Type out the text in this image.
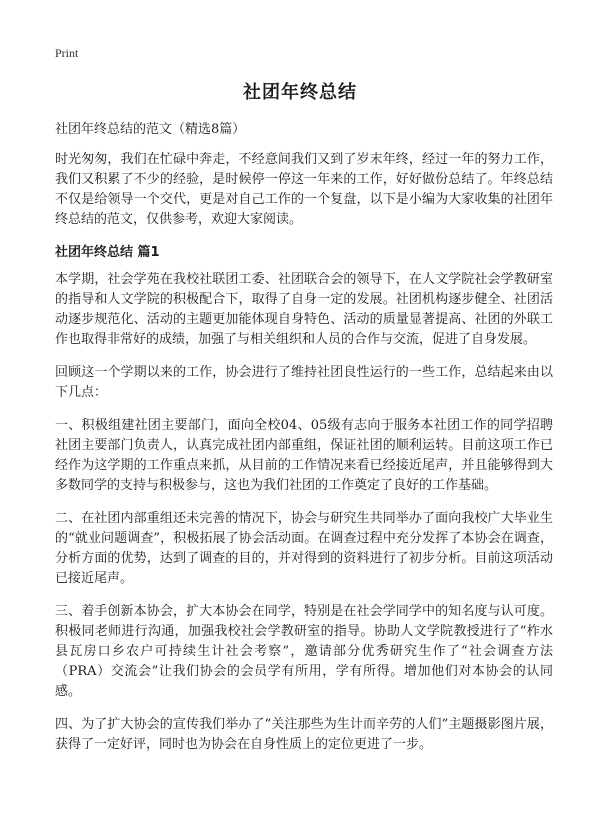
Print
社团年终总结

社团年终总结的范文（精选8篇）

时光匆匆，我们在忙碌中奔走，不经意间我们又到了岁末年终，经过一年的努力工作，我们又积累了不少的经验，是时候停一停这一年来的工作，好好做份总结了。年终总结不仅是给领导一个交代，更是对自己工作的一个复盘，以下是小编为大家收集的社团年终总结的范文，仅供参考，欢迎大家阅读。

社团年终总结 篇1

本学期，社会学苑在我校社联团工委、社团联合会的领导下，在人文学院社会学教研室的指导和人文学院的积极配合下，取得了自身一定的发展。社团机构逐步健全、社团活动逐步规范化、活动的主题更加能体现自身特色、活动的质量显著提高、社团的外联工作也取得非常好的成绩，加强了与相关组织和人员的合作与交流，促进了自身发展。

回顾这一个学期以来的工作，协会进行了维持社团良性运行的一些工作，总结起来由以下几点：

一、积极组建社团主要部门，面向全校04、05级有志向于服务本社团工作的同学招聘社团主要部门负责人，认真完成社团内部重组，保证社团的顺利运转。目前这项工作已经作为这学期的工作重点来抓，从目前的工作情况来看已经接近尾声，并且能够得到大多数同学的支持与积极参与，这也为我们社团的工作奠定了良好的工作基础。

二、在社团内部重组还未完善的情况下，协会与研究生共同举办了面向我校广大毕业生的“就业问题调查”，积极拓展了协会活动面。在调查过程中充分发挥了本协会在调查，分析方面的优势，达到了调查的目的，并对得到的资料进行了初步分析。目前这项活动已接近尾声。

三、着手创新本协会，扩大本协会在同学，特别是在社会学同学中的知名度与认可度。积极同老师进行沟通，加强我校社会学教研室的指导。协助人文学院教授进行了“柞水县瓦房口乡农户可持续生计社会考察”，邀请部分优秀研究生作了“社会调查方法（PRA）交流会”让我们协会的会员学有所用，学有所得。增加他们对本协会的认同感。

四、为了扩大协会的宣传我们举办了“关注那些为生计而辛劳的人们”主题摄影图片展，获得了一定好评，同时也为协会在自身性质上的定位更进了一步。
